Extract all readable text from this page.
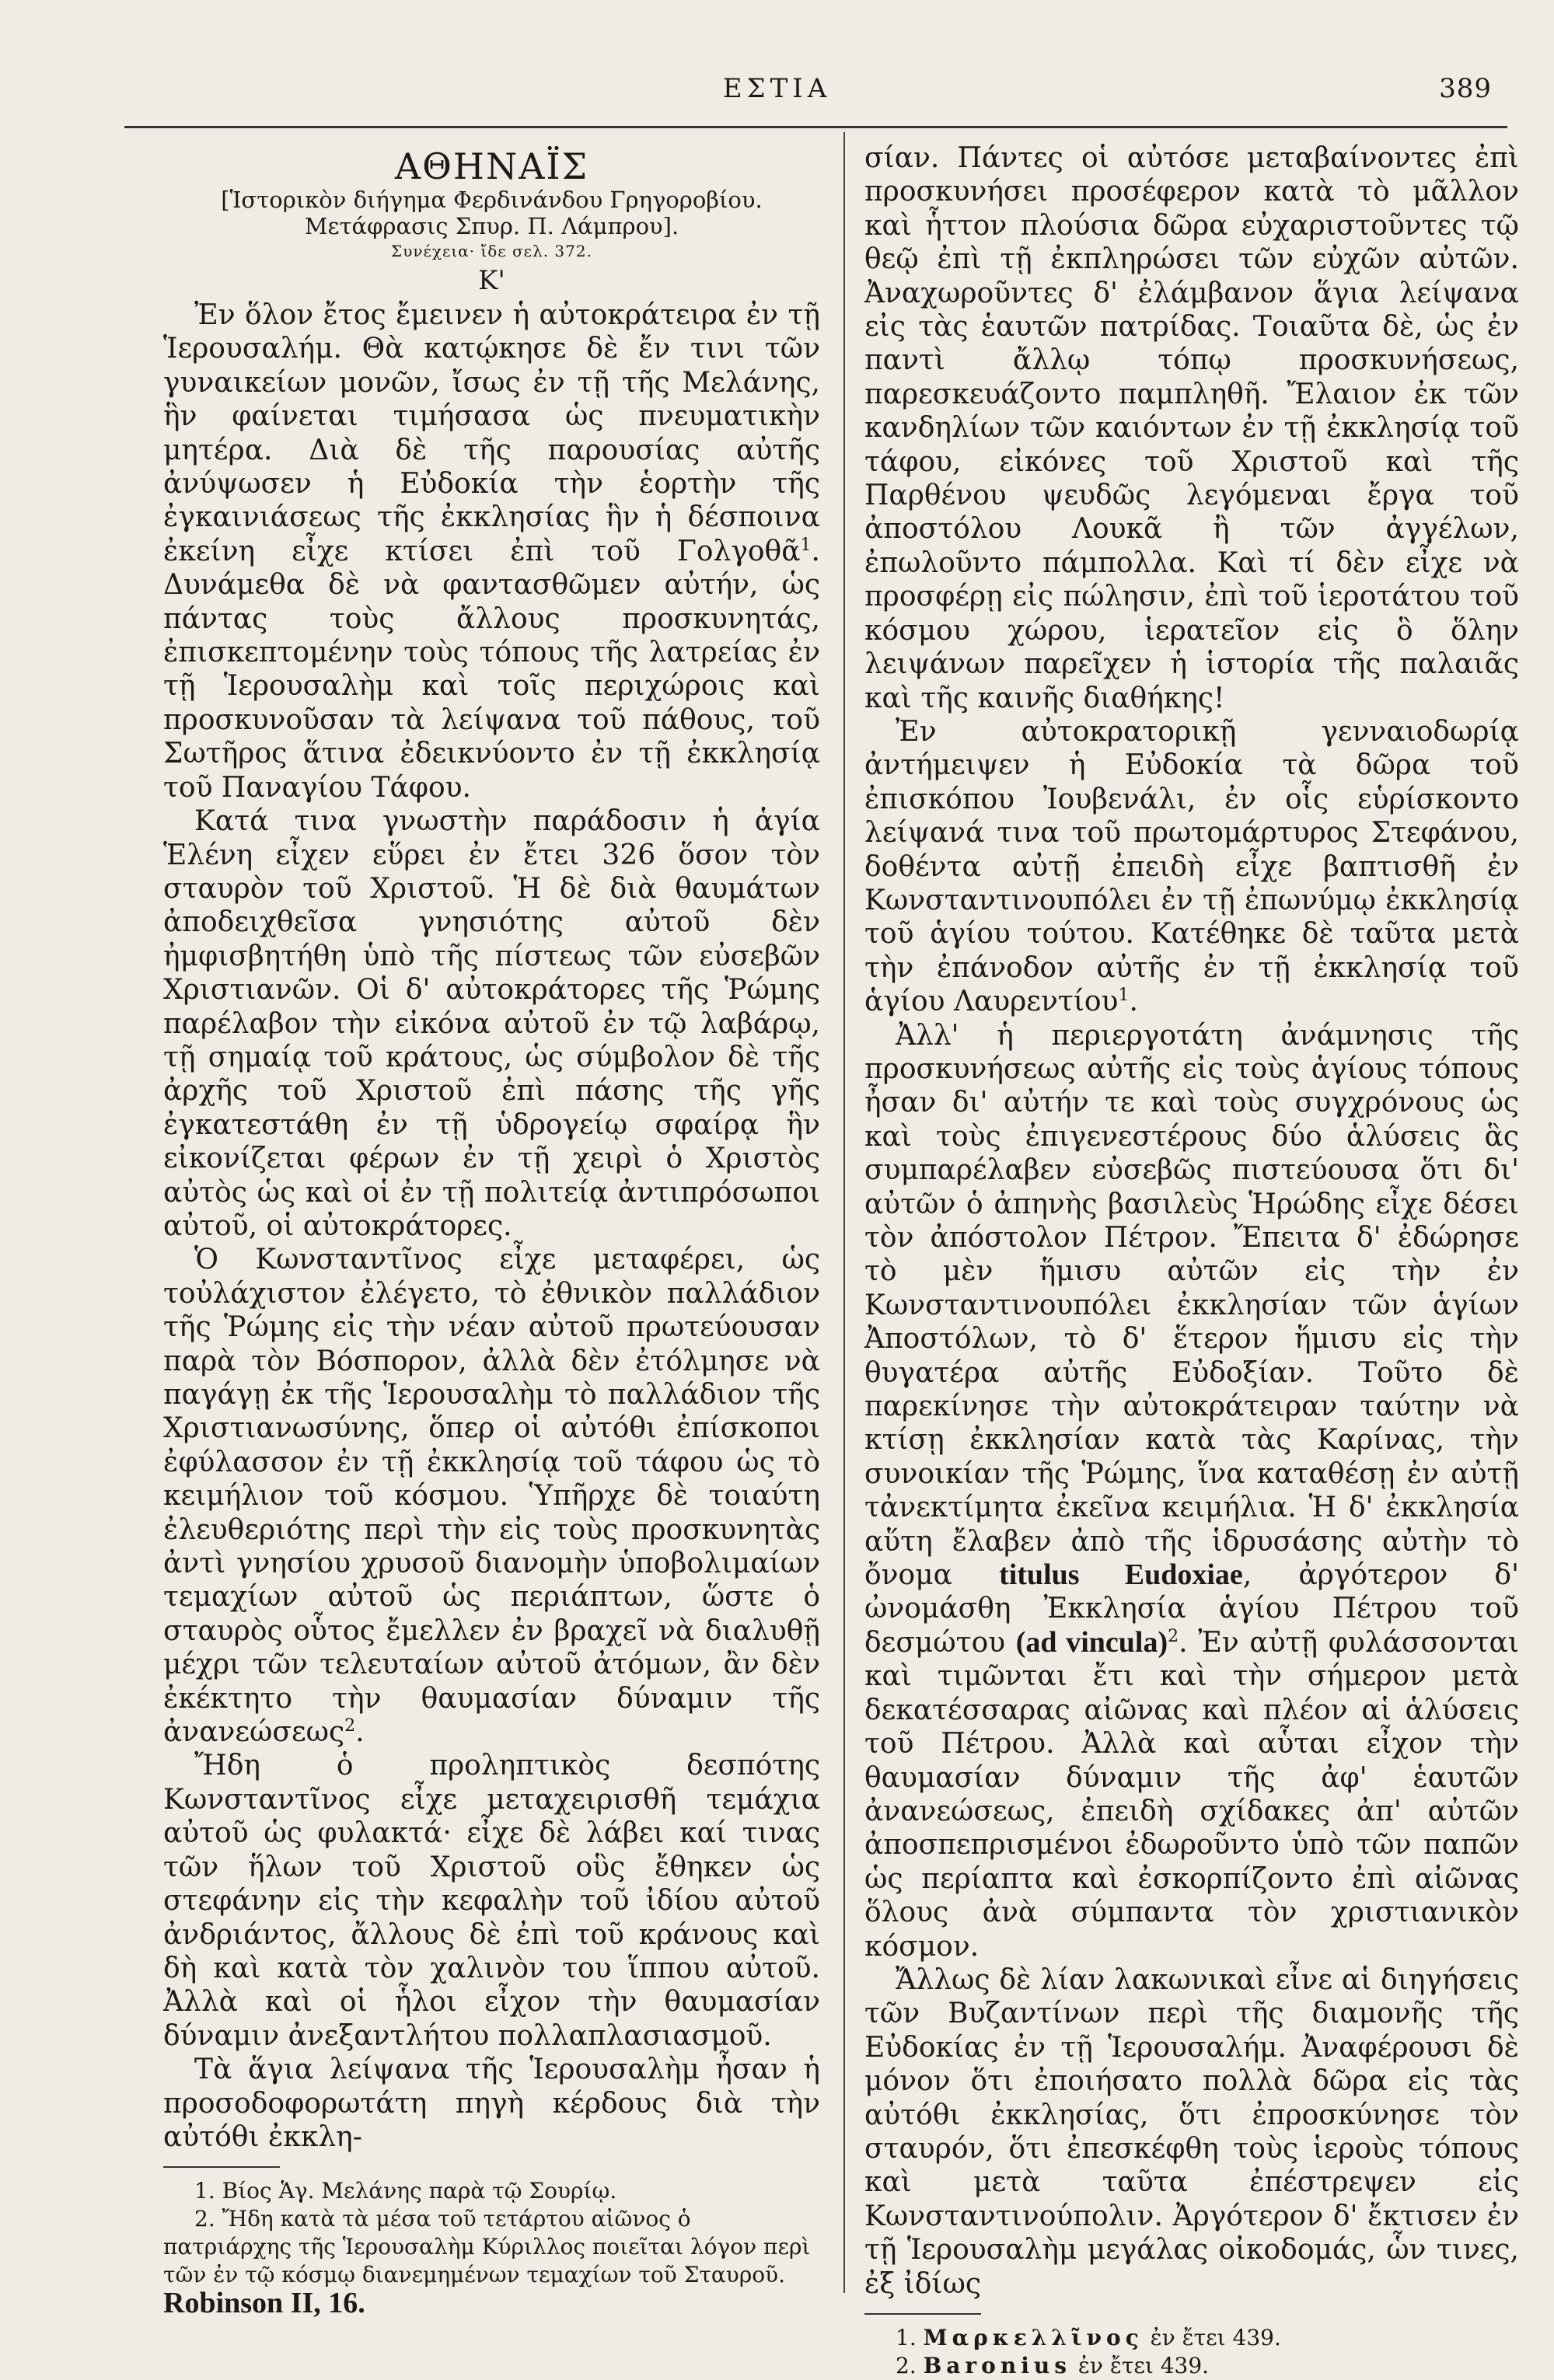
ΕΣΤΙΑ	389
ΑΘΗΝΑΪΣ
[Ἱστορικὸν διήγημα Φερδινάνδου Γρηγοροβίου.
Μετάφρασις Σπυρ. Π. Λάμπρου].
Συνέχεια· ἴδε σελ. 372.
Κ'

Ἐν ὅλον ἔτος ἔμεινεν ἡ αὐτοκράτειρα ἐν τῇ Ἱερουσαλήμ. Θὰ κατῴκησε δὲ ἔν τινι τῶν γυναικείων μονῶν, ἴσως ἐν τῇ τῆς Μελάνης, ἣν φαίνεται τιμήσασα ὡς πνευματικὴν μητέρα. Διὰ δὲ τῆς παρουσίας αὐτῆς ἀνύψωσεν ἡ Εὐδοκία τὴν ἑορτὴν τῆς ἐγκαινιάσεως τῆς ἐκκλησίας ἣν ἡ δέσποινα ἐκείνη εἶχε κτίσει ἐπὶ τοῦ Γολγοθᾶ$^1$. Δυνάμεθα δὲ νὰ φαντασθῶμεν αὐτήν, ὡς πάντας τοὺς ἄλλους προσκυνητάς, ἐπισκεπτομένην τοὺς τόπους τῆς λατρείας ἐν τῇ Ἱερουσαλὴμ καὶ τοῖς περιχώροις καὶ προσκυνοῦσαν τὰ λείψανα τοῦ πάθους, τοῦ Σωτῆρος ἅτινα ἐδεικνύοντο ἐν τῇ ἐκκλησίᾳ τοῦ Παναγίου Τάφου.

Κατά τινα γνωστὴν παράδοσιν ἡ ἁγία Ἑλένη εἶχεν εὕρει ἐν ἔτει 326 ὅσον τὸν σταυρὸν τοῦ Χριστοῦ. Ἡ δὲ διὰ θαυμάτων ἀποδειχθεῖσα γνησιότης αὐτοῦ δὲν ἠμφισβητήθη ὑπὸ τῆς πίστεως τῶν εὐσεβῶν Χριστιανῶν. Οἱ δ' αὐτοκράτορες τῆς Ῥώμης παρέλαβον τὴν εἰκόνα αὐτοῦ ἐν τῷ λαβάρῳ, τῇ σημαίᾳ τοῦ κράτους, ὡς σύμβολον δὲ τῆς ἀρχῆς τοῦ Χριστοῦ ἐπὶ πάσης τῆς γῆς ἐγκατεστάθη ἐν τῇ ὑδρογείῳ σφαίρᾳ ἣν εἰκονίζεται φέρων ἐν τῇ χειρὶ ὁ Χριστὸς αὐτὸς ὡς καὶ οἱ ἐν τῇ πολιτείᾳ ἀντιπρόσωποι αὐτοῦ, οἱ αὐτοκράτορες.

Ὁ Κωνσταντῖνος εἶχε μεταφέρει, ὡς τοὐλάχιστον ἐλέγετο, τὸ ἐθνικὸν παλλάδιον τῆς Ῥώμης εἰς τὴν νέαν αὐτοῦ πρωτεύουσαν παρὰ τὸν Βόσπορον, ἀλλὰ δὲν ἐτόλμησε νὰ παγάγῃ ἐκ τῆς Ἱερουσαλὴμ τὸ παλλάδιον τῆς Χριστιανωσύνης, ὅπερ οἱ αὐτόθι ἐπίσκοποι ἐφύλασσον ἐν τῇ ἐκκλησίᾳ τοῦ τάφου ὡς τὸ κειμήλιον τοῦ κόσμου. Ὑπῆρχε δὲ τοιαύτη ἐλευθεριότης περὶ τὴν εἰς τοὺς προσκυνητὰς ἀντὶ γνησίου χρυσοῦ διανομὴν ὑποβολιμαίων τεμαχίων αὐτοῦ ὡς περιάπτων, ὥστε ὁ σταυρὸς οὗτος ἔμελλεν ἐν βραχεῖ νὰ διαλυθῇ μέχρι τῶν τελευταίων αὐτοῦ ἀτόμων, ἂν δὲν ἐκέκτητο τὴν θαυμασίαν δύναμιν τῆς ἀνανεώσεως$^2$.

Ἤδη ὁ προληπτικὸς δεσπότης Κωνσταντῖνος εἶχε μεταχειρισθῆ τεμάχια αὐτοῦ ὡς φυλακτά· εἶχε δὲ λάβει καί τινας τῶν ἥλων τοῦ Χριστοῦ οὓς ἔθηκεν ὡς στεφάνην εἰς τὴν κεφαλὴν τοῦ ἰδίου αὐτοῦ ἀνδριάντος, ἄλλους δὲ ἐπὶ τοῦ κράνους καὶ δὴ καὶ κατὰ τὸν χαλινὸν του ἵππου αὐτοῦ. Ἀλλὰ καὶ οἱ ἧλοι εἶχον τὴν θαυμασίαν δύναμιν ἀνεξαντλήτου πολλαπλασιασμοῦ.

Τὰ ἅγια λείψανα τῆς Ἱερουσαλὴμ ἦσαν ἡ προσοδοφορωτάτη πηγὴ κέρδους διὰ τὴν αὐτόθι ἐκκλη-

1. Βίος Ἁγ. Μελάνης παρὰ τῷ Σουρίῳ.

2. Ἤδη κατὰ τὰ μέσα τοῦ τετάρτου αἰῶνος ὁ πατριάρχης τῆς Ἱερουσαλὴμ Κύριλλος ποιεῖται λόγον περὶ τῶν ἐν τῷ κόσμῳ διανεμημένων τεμαχίων τοῦ Σταυροῦ. Robinson II, 16.

σίαν. Πάντες οἱ αὐτόσε μεταβαίνοντες ἐπὶ προσκυνήσει προσέφερον κατὰ τὸ μᾶλλον καὶ ἧττον πλούσια δῶρα εὐχαριστοῦντες τῷ θεῷ ἐπὶ τῇ ἐκπληρώσει τῶν εὐχῶν αὐτῶν. Ἀναχωροῦντες δ' ἐλάμβανον ἅγια λείψανα εἰς τὰς ἑαυτῶν πατρίδας. Τοιαῦτα δὲ, ὡς ἐν παντὶ ἄλλῳ τόπῳ προσκυνήσεως, παρεσκευάζοντο παμπληθῆ. Ἔλαιον ἐκ τῶν κανδηλίων τῶν καιόντων ἐν τῇ ἐκκλησίᾳ τοῦ τάφου, εἰκόνες τοῦ Χριστοῦ καὶ τῆς Παρθένου ψευδῶς λεγόμεναι ἔργα τοῦ ἀποστόλου Λουκᾶ ἢ τῶν ἀγγέλων, ἐπωλοῦντο πάμπολλα. Καὶ τί δὲν εἶχε νὰ προσφέρῃ εἰς πώλησιν, ἐπὶ τοῦ ἱεροτάτου τοῦ κόσμου χώρου, ἱερατεῖον εἰς ὃ ὅλην λειψάνων παρεῖχεν ἡ ἱστορία τῆς παλαιᾶς καὶ τῆς καινῆς διαθήκης!

Ἐν αὐτοκρατορικῇ γενναιοδωρίᾳ ἀντήμειψεν ἡ Εὐδοκία τὰ δῶρα τοῦ ἐπισκόπου Ἰουβενάλι, ἐν οἷς εὑρίσκοντο λείψανά τινα τοῦ πρωτομάρτυρος Στεφάνου, δοθέντα αὐτῇ ἐπειδὴ εἶχε βαπτισθῆ ἐν Κωνσταντινουπόλει ἐν τῇ ἐπωνύμῳ ἐκκλησίᾳ τοῦ ἁγίου τούτου. Κατέθηκε δὲ ταῦτα μετὰ τὴν ἐπάνοδον αὐτῆς ἐν τῇ ἐκκλησίᾳ τοῦ ἁγίου Λαυρεντίου$^1$.

Ἀλλ' ἡ περιεργοτάτη ἀνάμνησις τῆς προσκυνήσεως αὐτῆς εἰς τοὺς ἁγίους τόπους ἦσαν δι' αὐτήν τε καὶ τοὺς συγχρόνους ὡς καὶ τοὺς ἐπιγενεστέρους δύο ἁλύσεις ἃς συμπαρέλαβεν εὐσεβῶς πιστεύουσα ὅτι δι' αὐτῶν ὁ ἀπηνὴς βασιλεὺς Ἡρώδης εἶχε δέσει τὸν ἀπόστολον Πέτρον. Ἔπειτα δ' ἐδώρησε τὸ μὲν ἥμισυ αὐτῶν εἰς τὴν ἐν Κωνσταντινουπόλει ἐκκλησίαν τῶν ἁγίων Ἀποστόλων, τὸ δ' ἕτερον ἥμισυ εἰς τὴν θυγατέρα αὐτῆς Εὐδοξίαν. Τοῦτο δὲ παρεκίνησε τὴν αὐτοκράτειραν ταύτην νὰ κτίσῃ ἐκκλησίαν κατὰ τὰς Καρίνας, τὴν συνοικίαν τῆς Ῥώμης, ἵνα καταθέσῃ ἐν αὐτῇ τἀνεκτίμητα ἐκεῖνα κειμήλια. Ἡ δ' ἐκκλησία αὕτη ἔλαβεν ἀπὸ τῆς ἱδρυσάσης αὐτὴν τὸ ὄνομα titulus Eudoxiae, ἀργότερον δ' ὠνομάσθη Ἐκκλησία ἁγίου Πέτρου τοῦ δεσμώτου (ad vincula)$^2$. Ἐν αὐτῇ φυλάσσονται καὶ τιμῶνται ἔτι καὶ τὴν σήμερον μετὰ δεκατέσσαρας αἰῶνας καὶ πλέον αἱ ἁλύσεις τοῦ Πέτρου. Ἀλλὰ καὶ αὗται εἶχον τὴν θαυμασίαν δύναμιν τῆς ἀφ' ἑαυτῶν ἀνανεώσεως, ἐπειδὴ σχίδακες ἀπ' αὐτῶν ἀποσπεπρισμένοι ἐδωροῦντο ὑπὸ τῶν παπῶν ὡς περίαπτα καὶ ἐσκορπίζοντο ἐπὶ αἰῶνας ὅλους ἀνὰ σύμπαντα τὸν χριστιανικὸν κόσμον.

Ἄλλως δὲ λίαν λακωνικαὶ εἶνε αἱ διηγήσεις τῶν Βυζαντίνων περὶ τῆς διαμονῆς τῆς Εὐδοκίας ἐν τῇ Ἱερουσαλήμ. Ἀναφέρουσι δὲ μόνον ὅτι ἐποιήσατο πολλὰ δῶρα εἰς τὰς αὐτόθι ἐκκλησίας, ὅτι ἐπροσκύνησε τὸν σταυρόν, ὅτι ἐπεσκέφθη τοὺς ἱεροὺς τόπους καὶ μετὰ ταῦτα ἐπέστρεψεν εἰς Κωνσταντινούπολιν. Ἀργότερον δ' ἔκτισεν ἐν τῇ Ἱερουσαλὴμ μεγάλας οἰκοδομάς, ὧν τινες, ἐξ ἰδίως

1. Μαρκελλῖνος ἐν ἔτει 439.

2. Baronius ἐν ἔτει 439.
